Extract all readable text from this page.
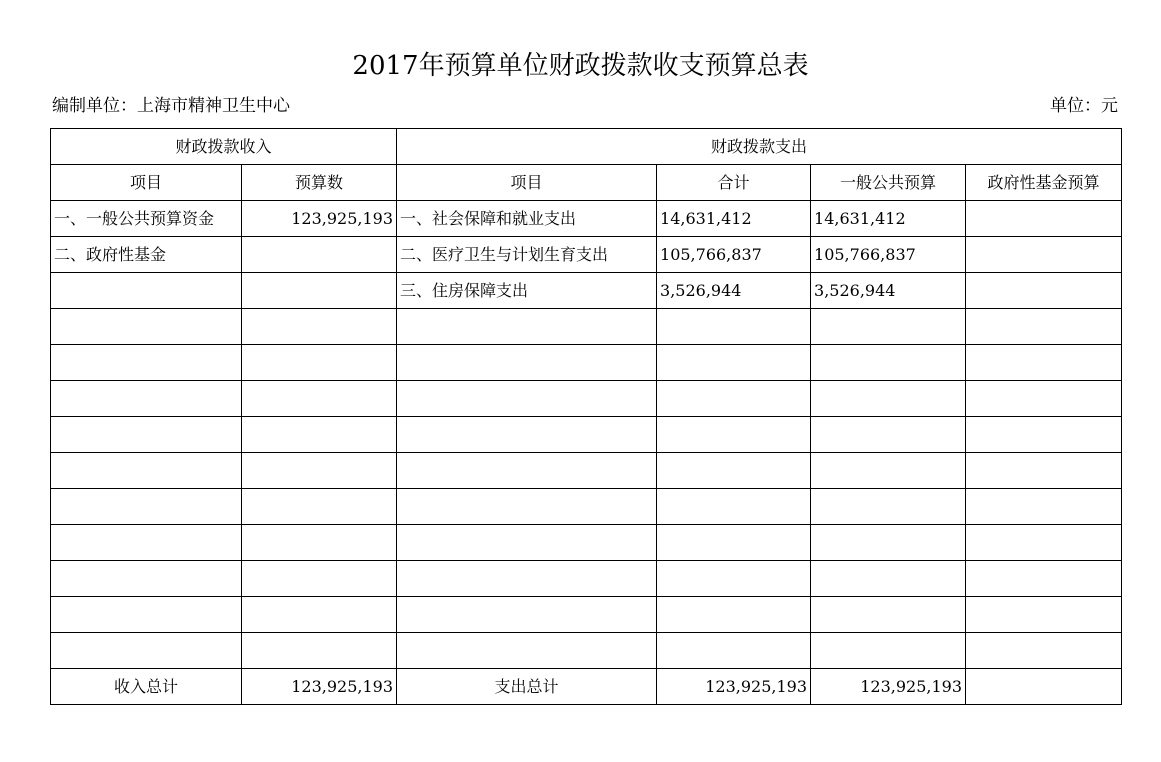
2017年预算单位财政拨款收支预算总表
编制单位：上海市精神卫生中心	单位：元
财政拨款收入		财政拨款支出			
项目	预算数	项目	合计	一般公共预算	政府性基金预算
一、一般公共预算资金	123,925,193	一、社会保障和就业支出	14,631,412	14,631,412	
二、政府性基金		二、医疗卫生与计划生育支出	105,766,837	105,766,837	
		三、住房保障支出	3,526,944	3,526,944	

收入总计	123,925,193	支出总计	123,925,193	123,925,193	
